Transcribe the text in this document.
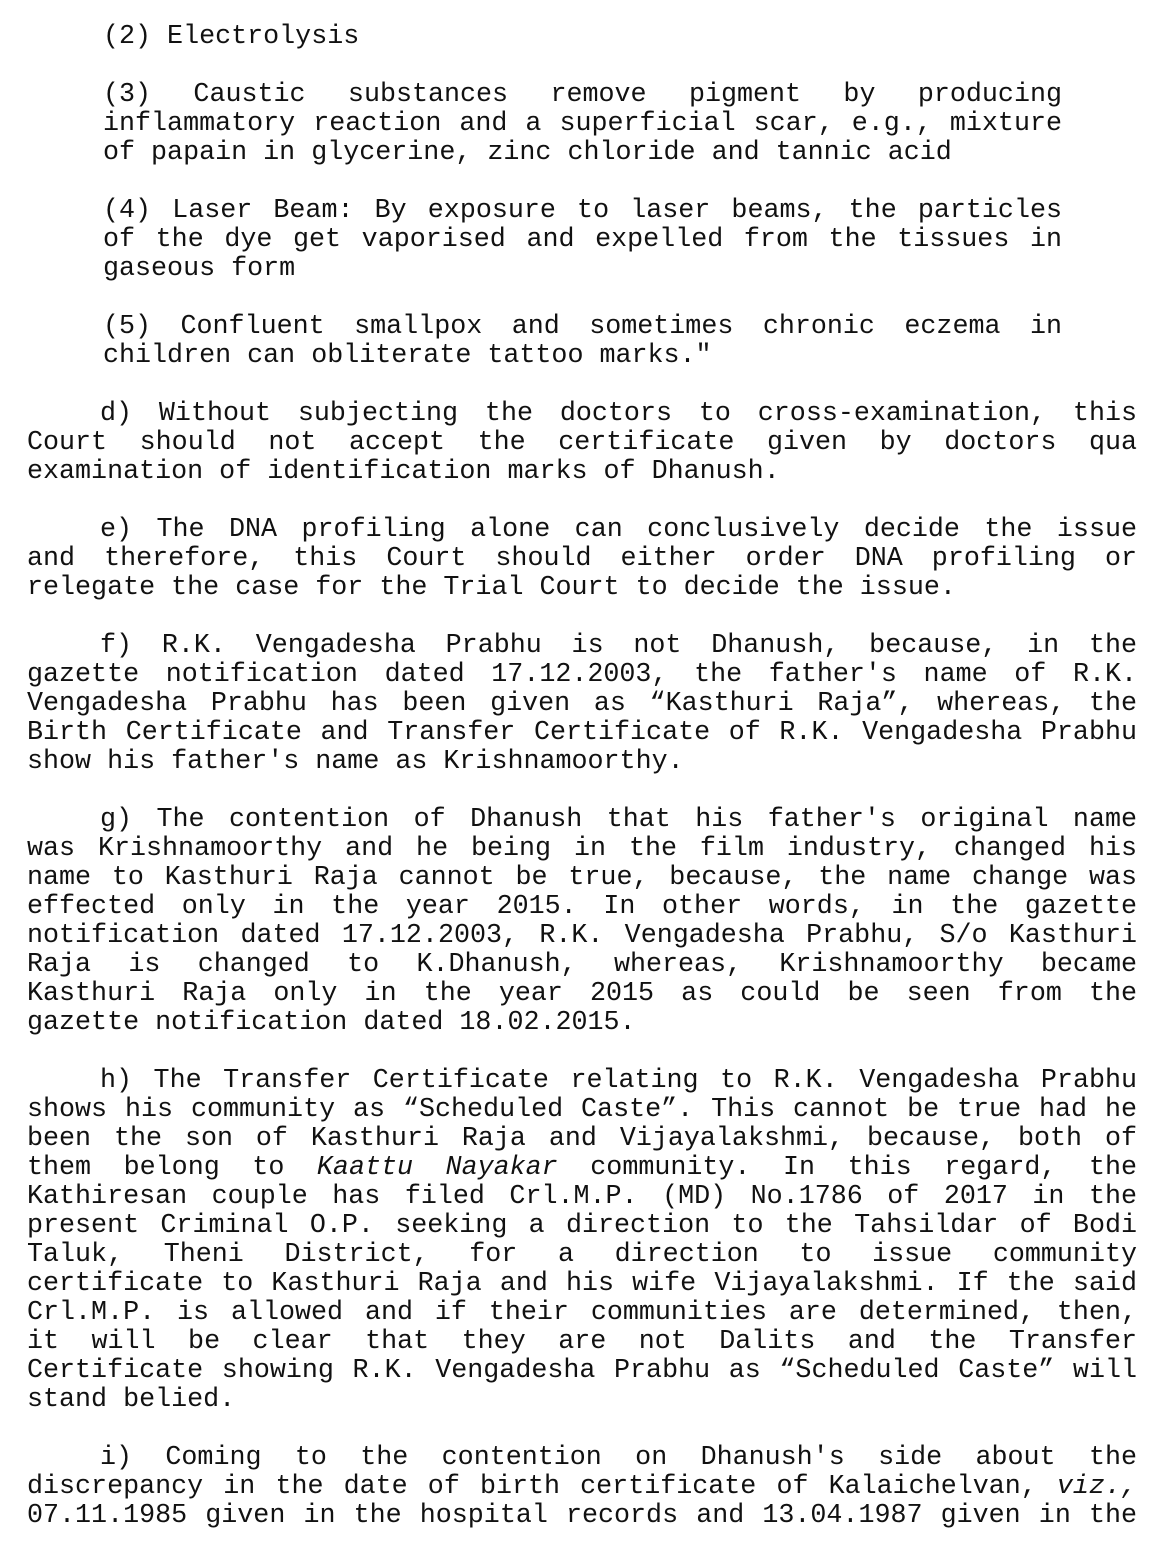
(2) Electrolysis
(3) Caustic substances remove pigment by producing
inflammatory reaction and a superficial scar, e.g., mixture
of papain in glycerine, zinc chloride and tannic acid
(4) Laser Beam: By exposure to laser beams, the particles
of the dye get vaporised and expelled from the tissues in
gaseous form
(5) Confluent smallpox and sometimes chronic eczema in
children can obliterate tattoo marks."
d) Without subjecting the doctors to cross-examination, this
Court should not accept the certificate given by doctors qua
examination of identification marks of Dhanush.
e) The DNA profiling alone can conclusively decide the issue
and therefore, this Court should either order DNA profiling or
relegate the case for the Trial Court to decide the issue.
f) R.K. Vengadesha Prabhu is not Dhanush, because, in the
gazette notification dated 17.12.2003, the father's name of R.K.
Vengadesha Prabhu has been given as “Kasthuri Raja”, whereas, the
Birth Certificate and Transfer Certificate of R.K. Vengadesha Prabhu
show his father's name as Krishnamoorthy.
g) The contention of Dhanush that his father's original name
was Krishnamoorthy and he being in the film industry, changed his
name to Kasthuri Raja cannot be true, because, the name change was
effected only in the year 2015. In other words, in the gazette
notification dated 17.12.2003, R.K. Vengadesha Prabhu, S/o Kasthuri
Raja is changed to K.Dhanush, whereas, Krishnamoorthy became
Kasthuri Raja only in the year 2015 as could be seen from the
gazette notification dated 18.02.2015.
h) The Transfer Certificate relating to R.K. Vengadesha Prabhu
shows his community as “Scheduled Caste”. This cannot be true had he
been the son of Kasthuri Raja and Vijayalakshmi, because, both of
them belong to Kaattu Nayakar community. In this regard, the
Kathiresan couple has filed Crl.M.P. (MD) No.1786 of 2017 in the
present Criminal O.P. seeking a direction to the Tahsildar of Bodi
Taluk, Theni District, for a direction to issue community
certificate to Kasthuri Raja and his wife Vijayalakshmi. If the said
Crl.M.P. is allowed and if their communities are determined, then,
it will be clear that they are not Dalits and the Transfer
Certificate showing R.K. Vengadesha Prabhu as “Scheduled Caste” will
stand belied.
i) Coming to the contention on Dhanush's side about the
discrepancy in the date of birth certificate of Kalaichelvan, viz.,
07.11.1985 given in the hospital records and 13.04.1987 given in the
